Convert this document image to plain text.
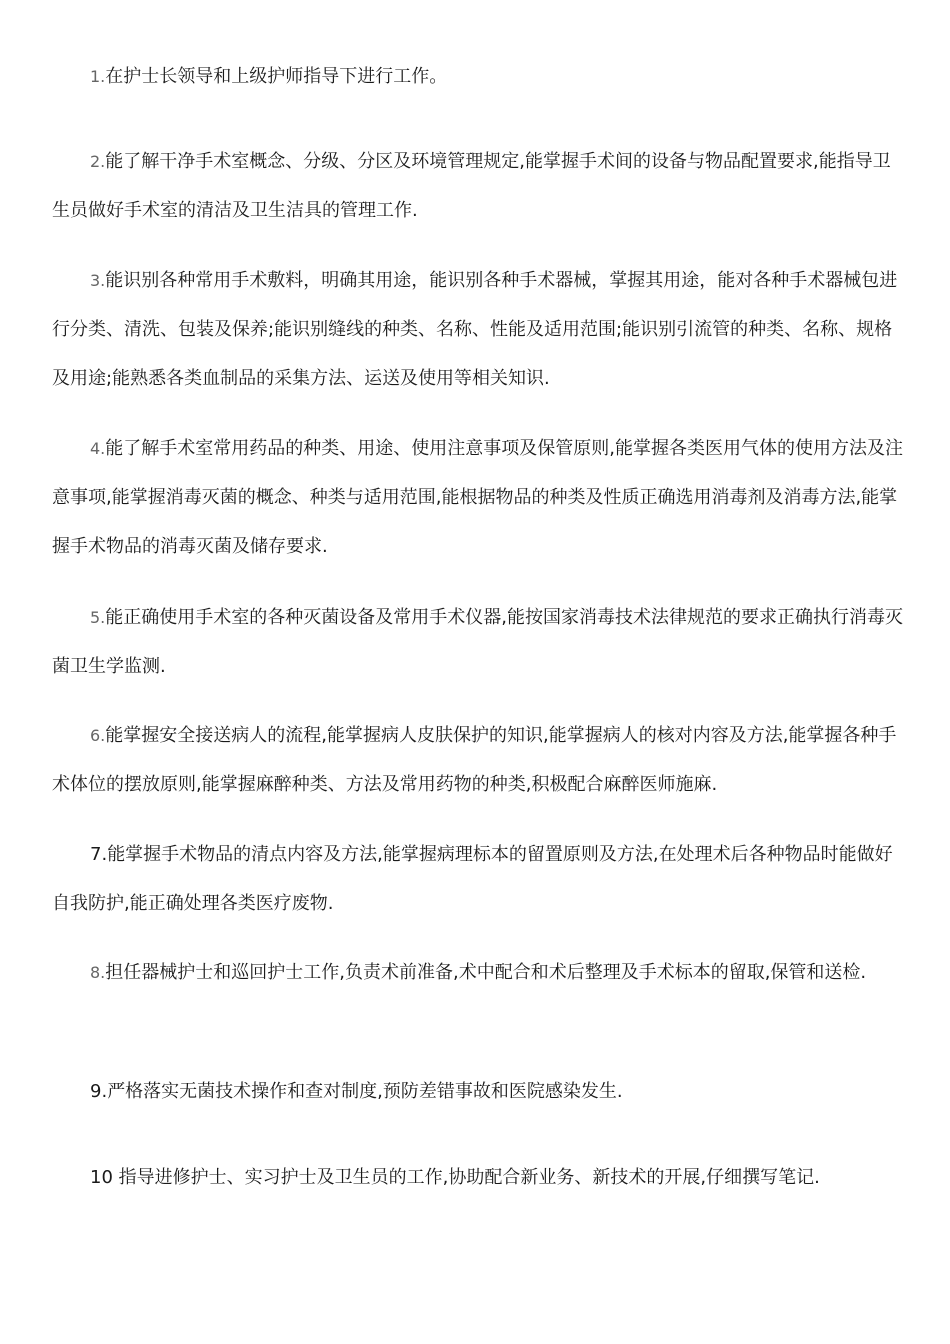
1.在护士长领导和上级护师指导下进行工作。

2.能了解干净手术室概念、分级、分区及环境管理规定,能掌握手术间的设备与物品配置要求,能指导卫生员做好手术室的清洁及卫生洁具的管理工作.

3.能识别各种常用手术敷料，明确其用途，能识别各种手术器械，掌握其用途，能对各种手术器械包进行分类、清洗、包装及保养;能识别缝线的种类、名称、性能及适用范围;能识别引流管的种类、名称、规格及用途;能熟悉各类血制品的采集方法、运送及使用等相关知识.

4.能了解手术室常用药品的种类、用途、使用注意事项及保管原则,能掌握各类医用气体的使用方法及注意事项,能掌握消毒灭菌的概念、种类与适用范围,能根据物品的种类及性质正确选用消毒剂及消毒方法,能掌握手术物品的消毒灭菌及储存要求.

5.能正确使用手术室的各种灭菌设备及常用手术仪器,能按国家消毒技术法律规范的要求正确执行消毒灭菌卫生学监测.

6.能掌握安全接送病人的流程,能掌握病人皮肤保护的知识,能掌握病人的核对内容及方法,能掌握各种手术体位的摆放原则,能掌握麻醉种类、方法及常用药物的种类,积极配合麻醉医师施麻.

7.能掌握手术物品的清点内容及方法,能掌握病理标本的留置原则及方法,在处理术后各种物品时能做好自我防护,能正确处理各类医疗废物.

8.担任器械护士和巡回护士工作,负责术前准备,术中配合和术后整理及手术标本的留取,保管和送检.

9.严格落实无菌技术操作和查对制度,预防差错事故和医院感染发生.

10 指导进修护士、实习护士及卫生员的工作,协助配合新业务、新技术的开展,仔细撰写笔记.
